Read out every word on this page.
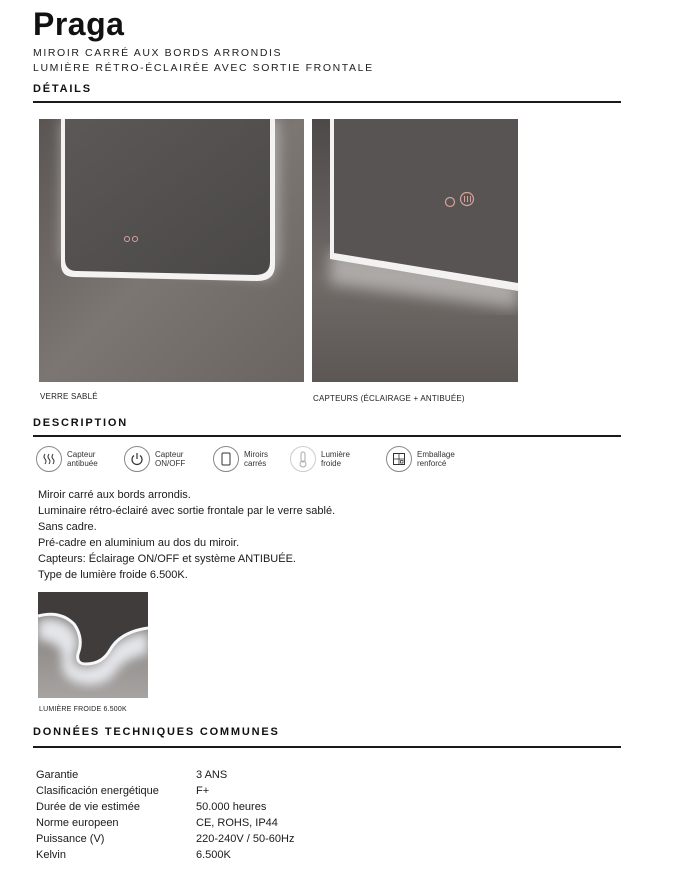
Praga
MIROIR CARRÉ AUX BORDS ARRONDIS
LUMIÈRE RÉTRO-ÉCLAIRÉE AVEC SORTIE FRONTALE
DÉTAILS
VERRE SABLÉ	CAPTEURS (ÉCLAIRAGE + ANTIBUÉE)
DESCRIPTION
Capteur
antibuée
Capteur
ON/OFF
Miroirs
carrés
Lumière
froide
Emballage
renforcé
Miroir carré aux bords arrondis.
Luminaire rétro-éclairé avec sortie frontale par le verre sablé.
Sans cadre.
Pré-cadre en aluminium au dos du miroir.
Capteurs: Éclairage ON/OFF et système ANTIBUÉE.
Type de lumière froide 6.500K.
LUMIÈRE FROIDE 6.500K
DONNÉES TECHNIQUES COMMUNES
Garantie	3 ANS
Clasificación energétique	F+
Durée de vie estimée	50.000 heures
Norme europeen	CE, ROHS, IP44
Puissance (V)	220-240V / 50-60Hz
Kelvin	6.500K
